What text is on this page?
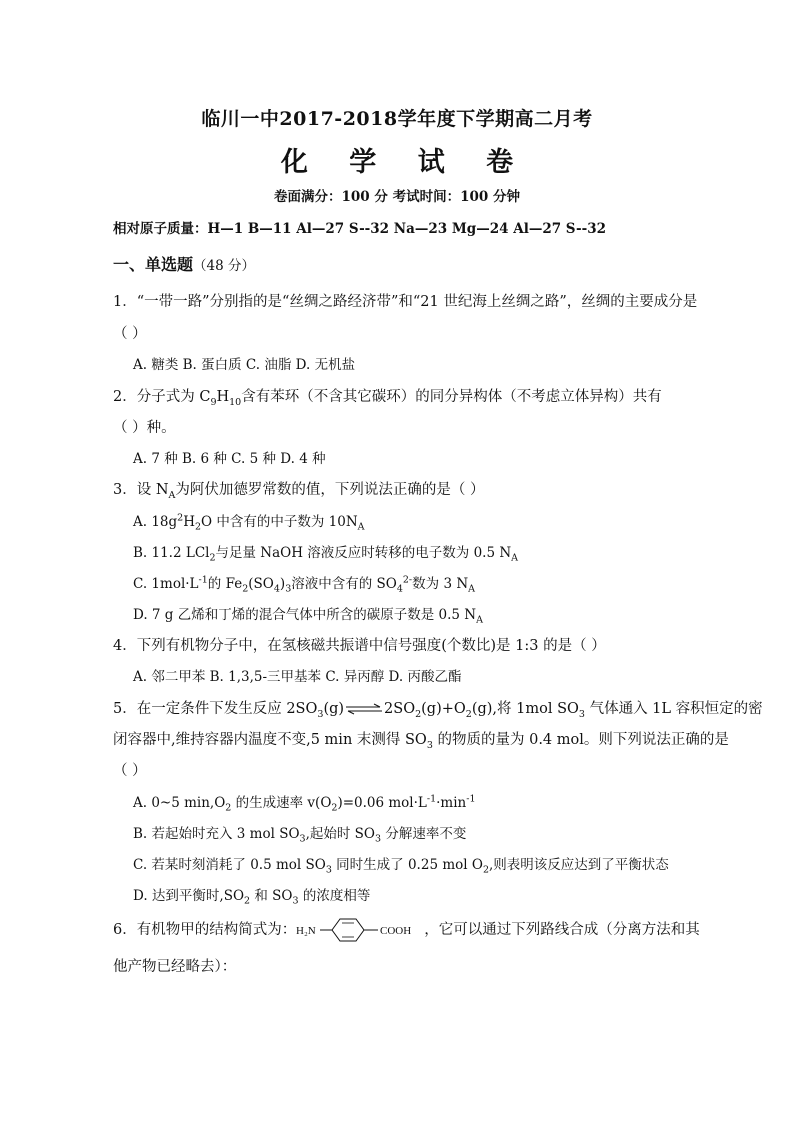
临川一中2017-2018学年度下学期高二月考
化 学 试 卷
卷面满分：100 分 考试时间：100 分钟
相对原子质量：H—1 B—11 Al—27 S--32 Na—23 Mg—24 Al—27 S--32
一、单选题（48 分）
1．“一带一路”分别指的是“丝绸之路经济带”和“21 世纪海上丝绸之路”，丝绸的主要成分是
（ ）
A. 糖类 B. 蛋白质 C. 油脂 D. 无机盐
2．分子式为 $C_9H_{10}$含有苯环（不含其它碳环）的同分异构体（不考虑立体异构）共有
（ ）种。
A. 7 种 B. 6 种 C. 5 种 D. 4 种
3．设 $N_A$为阿伏加德罗常数的值，下列说法正确的是（ ）
A. $18g^2H_2O$ 中含有的中子数为 $10N_A$
B. 11.2 LCl$_2$与足量 NaOH 溶液反应时转移的电子数为 0.5 $N_A$
C. $1mol\cdot L^{-1}$的 $Fe_2(SO_4)_3$溶液中含有的 $SO_4^{2-}$数为 3 $N_A$
D. 7 g 乙烯和丁烯的混合气体中所含的碳原子数是 0.5 $N_A$
4．下列有机物分子中，在氢核磁共振谱中信号强度(个数比)是 1:3 的是（ ）
A. 邻二甲苯 B. 1,3,5-三甲基苯 C. 异丙醇 D. 丙酸乙酯
5．在一定条件下发生反应 $2SO_3(g)\rightleftharpoons 2SO_2(g)+O_2(g)$,将 1mol $SO_3$ 气体通入 1L 容积恒定的密
闭容器中,维持容器内温度不变,5 min 末测得 $SO_3$ 的物质的量为 0.4 mol。则下列说法正确的是
（ ）
A. 0~5 $\min,O_2$ 的生成速率 $v(O_2)=0.06$ $mol\cdot L^{-1}\cdot\min^{-1}$
B. 若起始时充入 3 mol $SO_3$,起始时 $SO_3$ 分解速率不变
C. 若某时刻消耗了 0.5 mol $SO_3$ 同时生成了 0.25 mol $O_2$,则表明该反应达到了平衡状态
D. 达到平衡时$,SO_2$ 和 $SO_3$ 的浓度相等
6．有机物甲的结构简式为： H₂N	COOH ，它可以通过下列路线合成（分离方法和其
他产物已经略去）：
